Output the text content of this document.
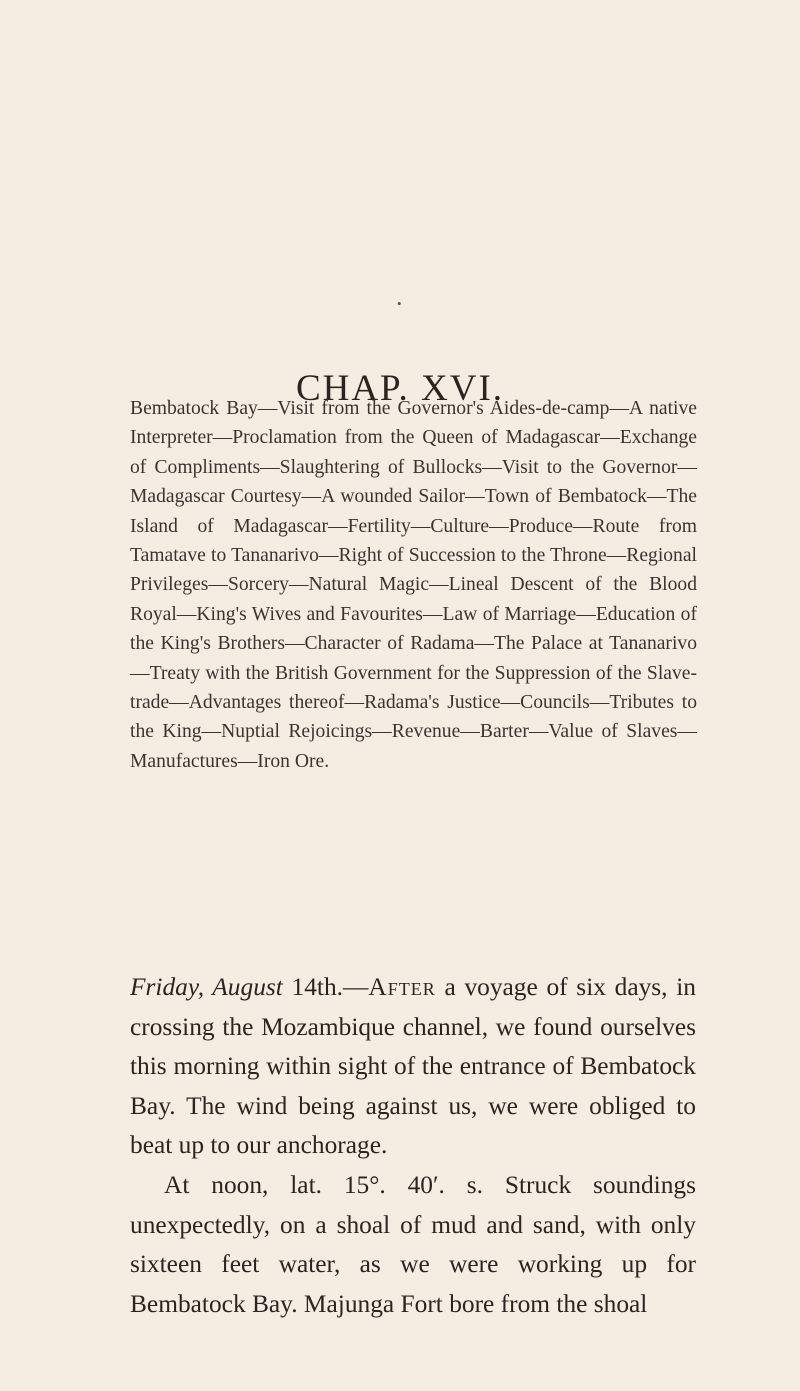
•
CHAP. XVI.

Bembatock Bay—Visit from the Governor's Aides-de-camp—A native Interpreter—Proclamation from the Queen of Madagascar—Exchange of Compliments—Slaughtering of Bullocks—Visit to the Governor—Madagascar Courtesy—A wounded Sailor—Town of Bembatock—The Island of Madagascar—Fertility—Culture—Produce—Route from Tamatave to Tananarivo—Right of Succession to the Throne—Regional Privileges—Sorcery—Natural Magic—Lineal Descent of the Blood Royal—King's Wives and Favourites—Law of Marriage—Education of the King's Brothers—Character of Radama—The Palace at Tananarivo—Treaty with the British Government for the Suppression of the Slave-trade—Advantages thereof—Radama's Justice—Councils—Tributes to the King—Nuptial Rejoicings—Revenue—Barter—Value of Slaves—Manufactures—Iron Ore.

Friday, August 14th.—After a voyage of six days, in crossing the Mozambique channel, we found ourselves this morning within sight of the entrance of Bembatock Bay. The wind being against us, we were obliged to beat up to our anchorage.

At noon, lat. 15°. 40′. s. Struck soundings unexpectedly, on a shoal of mud and sand, with only sixteen feet water, as we were working up for Bembatock Bay. Majunga Fort bore from the shoal
